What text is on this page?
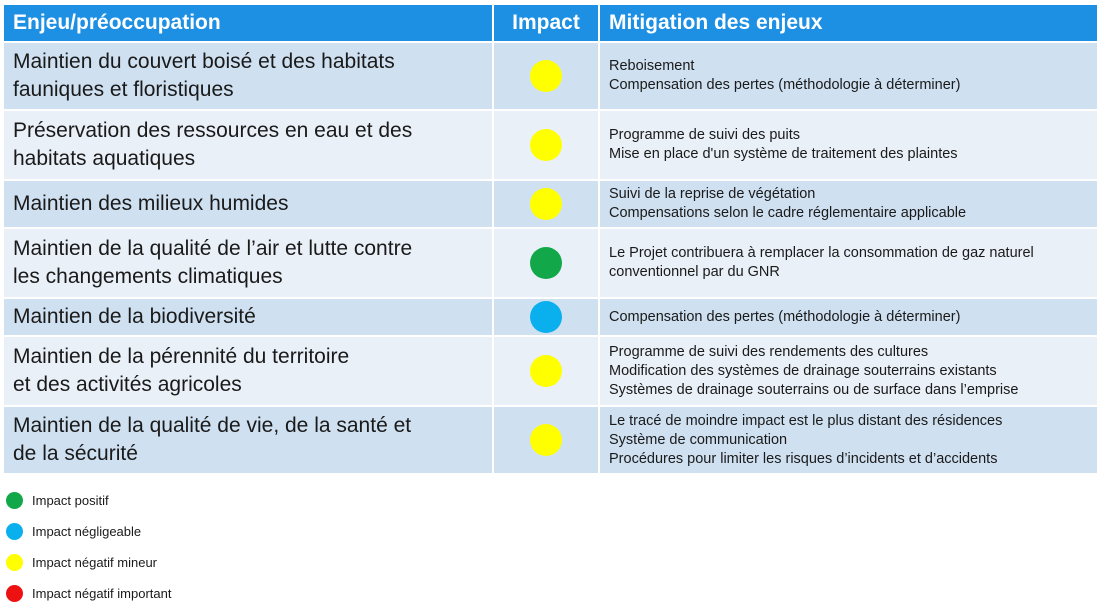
Enjeu/préoccupation	Impact	Mitigation des enjeux

Maintien du couvert boisé et des habitats
fauniques et floristiques		Reboisement
Compensation des pertes (méthodologie à déterminer)

Préservation des ressources en eau et des
habitats aquatiques		Programme de suivi des puits
Mise en place d'un système de traitement des plaintes

Maintien des milieux humides		Suivi de la reprise de végétation
Compensations selon le cadre réglementaire applicable

Maintien de la qualité de l’air et lutte contre
les changements climatiques		Le Projet contribuera à remplacer la consommation de gaz naturel
conventionnel par du GNR

Maintien de la biodiversité		Compensation des pertes (méthodologie à déterminer)

Maintien de la pérennité du territoire
et des activités agricoles		Programme de suivi des rendements des cultures
Modification des systèmes de drainage souterrains existants
Systèmes de drainage souterrains ou de surface dans l’emprise

Maintien de la qualité de vie, de la santé et
de la sécurité		Le tracé de moindre impact est le plus distant des résidences
Système de communication
Procédures pour limiter les risques d’incidents et d’accidents
Impact positif
Impact négligeable
Impact négatif mineur
Impact négatif important
